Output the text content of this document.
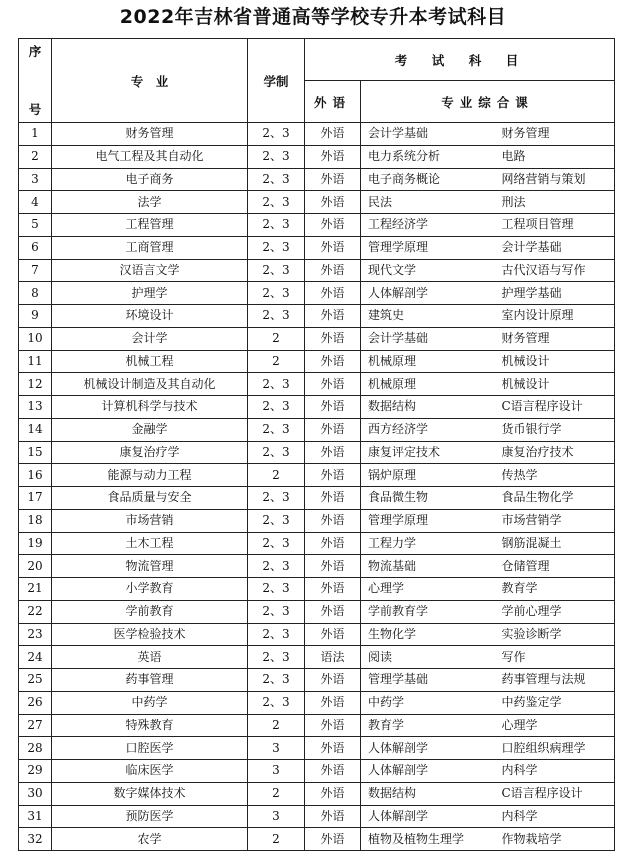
2022年吉林省普通高等学校专升本考试科目
序
号	专　业	学制	考　试　科　目		
			外语	专业综合课	
1	财务管理	2、3	外语	会计学基础	财务管理
2	电气工程及其自动化	2、3	外语	电力系统分析	电路
3	电子商务	2、3	外语	电子商务概论	网络营销与策划
4	法学	2、3	外语	民法	刑法
5	工程管理	2、3	外语	工程经济学	工程项目管理
6	工商管理	2、3	外语	管理学原理	会计学基础
7	汉语言文学	2、3	外语	现代文学	古代汉语与写作
8	护理学	2、3	外语	人体解剖学	护理学基础
9	环境设计	2、3	外语	建筑史	室内设计原理
10	会计学	2	外语	会计学基础	财务管理
11	机械工程	2	外语	机械原理	机械设计
12	机械设计制造及其自动化	2、3	外语	机械原理	机械设计
13	计算机科学与技术	2、3	外语	数据结构	C语言程序设计
14	金融学	2、3	外语	西方经济学	货币银行学
15	康复治疗学	2、3	外语	康复评定技术	康复治疗技术
16	能源与动力工程	2	外语	锅炉原理	传热学
17	食品质量与安全	2、3	外语	食品微生物	食品生物化学
18	市场营销	2、3	外语	管理学原理	市场营销学
19	土木工程	2、3	外语	工程力学	钢筋混凝土
20	物流管理	2、3	外语	物流基础	仓储管理
21	小学教育	2、3	外语	心理学	教育学
22	学前教育	2、3	外语	学前教育学	学前心理学
23	医学检验技术	2、3	外语	生物化学	实验诊断学
24	英语	2、3	语法	阅读	写作
25	药事管理	2、3	外语	管理学基础	药事管理与法规
26	中药学	2、3	外语	中药学	中药鉴定学
27	特殊教育	2	外语	教育学	心理学
28	口腔医学	3	外语	人体解剖学	口腔组织病理学
29	临床医学	3	外语	人体解剖学	内科学
30	数字媒体技术	2	外语	数据结构	C语言程序设计
31	预防医学	3	外语	人体解剖学	内科学
32	农学	2	外语	植物及植物生理学	作物栽培学
